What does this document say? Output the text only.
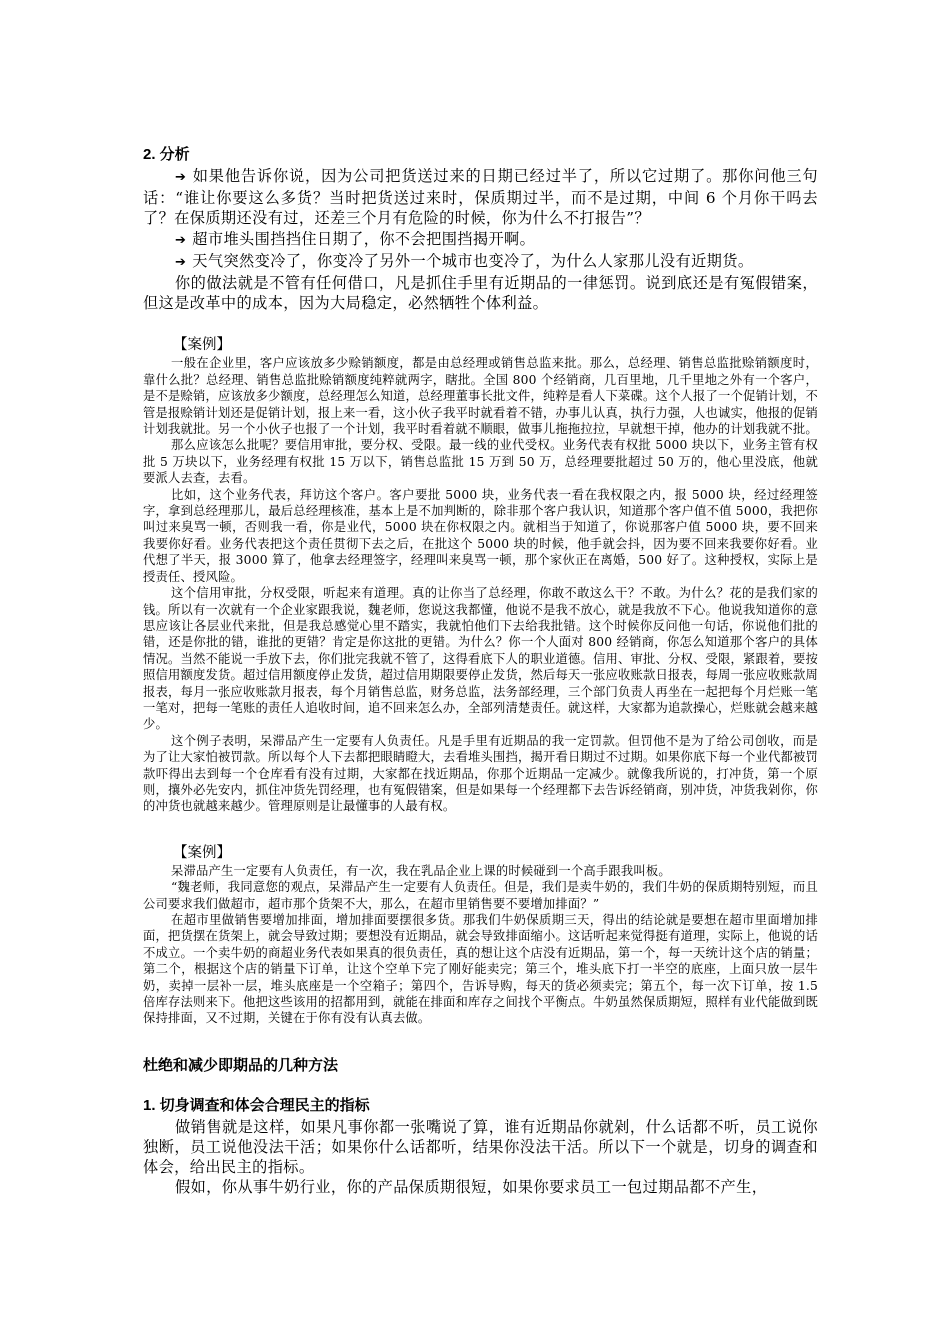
2. 分析

➔ 如果他告诉你说，因为公司把货送过来的日期已经过半了，所以它过期了。那你问他三句话：“谁让你要这么多货？当时把货送过来时，保质期过半，而不是过期，中间 6 个月你干吗去了？在保质期还没有过，还差三个月有危险的时候，你为什么不打报告”？

➔ 超市堆头围挡挡住日期了，你不会把围挡揭开啊。

➔ 天气突然变冷了，你变冷了另外一个城市也变冷了，为什么人家那儿没有近期货。

你的做法就是不管有任何借口，凡是抓住手里有近期品的一律惩罚。说到底还是有冤假错案，但这是改革中的成本，因为大局稳定，必然牺牲个体利益。

【案例】

一般在企业里，客户应该放多少赊销额度，都是由总经理或销售总监来批。那么，总经理、销售总监批赊销额度时，靠什么批？总经理、销售总监批赊销额度纯粹就两字，瞎批。全国 800 个经销商，几百里地，几千里地之外有一个客户，是不是赊销，应该放多少额度，总经理怎么知道，总经理董事长批文件，纯粹是看人下菜碟。这个人报了一个促销计划，不管是报赊销计划还是促销计划，报上来一看，这小伙子我平时就看着不错，办事儿认真，执行力强，人也诚实，他报的促销计划我就批。另一个小伙子也报了一个计划，我平时看着就不顺眼，做事儿拖拖拉拉，早就想干掉，他办的计划我就不批。

那么应该怎么批呢？要信用审批，要分权、受限。最一线的业代受权。业务代表有权批 5000 块以下，业务主管有权批 5 万块以下，业务经理有权批 15 万以下，销售总监批 15 万到 50 万，总经理要批超过 50 万的，他心里没底，他就要派人去查，去看。

比如，这个业务代表，拜访这个客户。客户要批 5000 块，业务代表一看在我权限之内，报 5000 块，经过经理签字，拿到总经理那儿，最后总经理核准，基本上是不加判断的，除非那个客户我认识，知道那个客户值不值 5000，我把你叫过来臭骂一顿，否则我一看，你是业代，5000 块在你权限之内。就相当于知道了，你说那客户值 5000 块，要不回来我要你好看。业务代表把这个责任贯彻下去之后，在批这个 5000 块的时候，他手就会抖，因为要不回来我要你好看。业代想了半天，报 3000 算了，他拿去经理签字，经理叫来臭骂一顿，那个家伙正在离婚，500 好了。这种授权，实际上是授责任、授风险。

这个信用审批，分权受限，听起来有道理。真的让你当了总经理，你敢不敢这么干？不敢。为什么？花的是我们家的钱。所以有一次就有一个企业家跟我说，魏老师，您说这我都懂，他说不是我不放心，就是我放不下心。他说我知道你的意思应该让各层业代来批，但是我总感觉心里不踏实，我就怕他们下去给我批错。这个时候你反问他一句话，你说他们批的错，还是你批的错，谁批的更错？肯定是你这批的更错。为什么？你一个人面对 800 经销商，你怎么知道那个客户的具体情况。当然不能说一手放下去，你们批完我就不管了，这得看底下人的职业道德。信用、审批、分权、受限，紧跟着，要按照信用额度发货。超过信用额度停止发货，超过信用期限要停止发货，然后每天一张应收账款日报表，每周一张应收账款周报表，每月一张应收账款月报表，每个月销售总监，财务总监，法务部经理，三个部门负责人再坐在一起把每个月烂账一笔一笔对，把每一笔账的责任人追收时间，追不回来怎么办，全部列清楚责任。就这样，大家都为追款操心，烂账就会越来越少。

这个例子表明，呆滞品产生一定要有人负责任。凡是手里有近期品的我一定罚款。但罚他不是为了给公司创收，而是为了让大家怕被罚款。所以每个人下去都把眼睛瞪大，去看堆头围挡，揭开看日期过不过期。如果你底下每一个业代都被罚款吓得出去到每一个仓库看有没有过期，大家都在找近期品，你那个近期品一定减少。就像我所说的，打冲货，第一个原则，攘外必先安内，抓住冲货先罚经理，也有冤假错案，但是如果每一个经理都下去告诉经销商，别冲货，冲货我剁你，你的冲货也就越来越少。管理原则是让最懂事的人最有权。

【案例】

呆滞品产生一定要有人负责任，有一次，我在乳品企业上课的时候碰到一个高手跟我叫板。

“魏老师，我同意您的观点，呆滞品产生一定要有人负责任。但是，我们是卖牛奶的，我们牛奶的保质期特别短，而且公司要求我们做超市，超市那个货架不大，那么，在超市里销售要不要增加排面？”

在超市里做销售要增加排面，增加排面要摆很多货。那我们牛奶保质期三天，得出的结论就是要想在超市里面增加排面，把货摆在货架上，就会导致过期；要想没有近期品，就会导致排面缩小。这话听起来觉得挺有道理，实际上，他说的话不成立。一个卖牛奶的商超业务代表如果真的很负责任，真的想让这个店没有近期品，第一个，每一天统计这个店的销量；第二个，根据这个店的销量下订单，让这个空单下完了刚好能卖完；第三个，堆头底下打一半空的底座，上面只放一层牛奶，卖掉一层补一层，堆头底座是一个空箱子；第四个，告诉导购，每天的货必须卖完；第五个，每一次下订单，按 1.5 倍库存法则来下。他把这些该用的招都用到，就能在排面和库存之间找个平衡点。牛奶虽然保质期短，照样有业代能做到既保持排面，又不过期，关键在于你有没有认真去做。

杜绝和减少即期品的几种方法

1. 切身调查和体会合理民主的指标

做销售就是这样，如果凡事你都一张嘴说了算，谁有近期品你就剁，什么话都不听，员工说你独断，员工说他没法干活；如果你什么话都听，结果你没法干活。所以下一个就是，切身的调查和体会，给出民主的指标。

假如，你从事牛奶行业，你的产品保质期很短，如果你要求员工一包过期品都不产生，
